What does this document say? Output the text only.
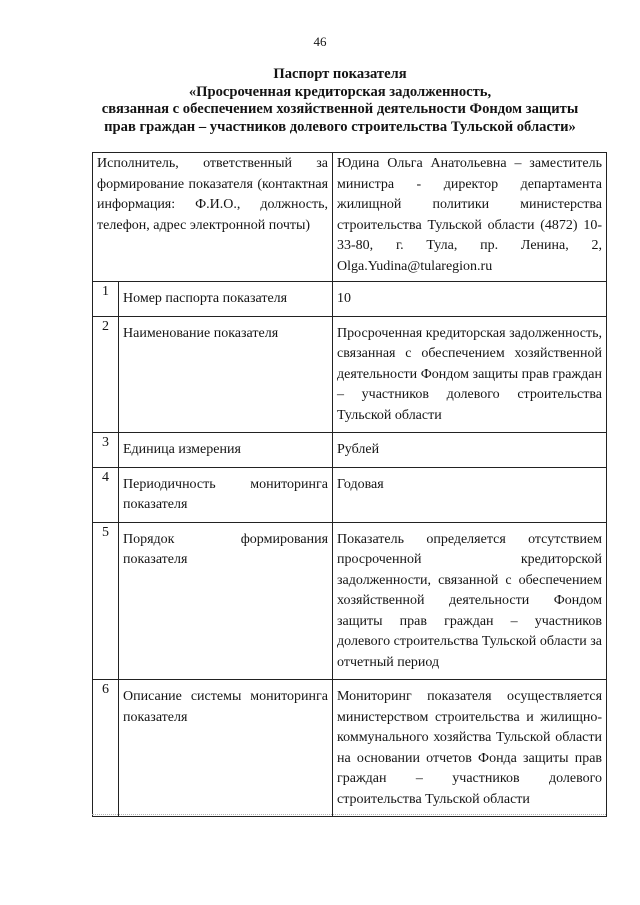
46
Паспорт показателя
«Просроченная кредиторская задолженность,
связанная с обеспечением хозяйственной деятельности Фондом защиты
прав граждан – участников долевого строительства Тульской области»
Исполнитель, ответственный за формирование показателя (контактная информация: Ф.И.О., должность, телефон, адрес электронной почты)		Юдина Ольга Анатольевна – заместитель министра - директор департамента жилищной политики министерства строительства Тульской области (4872) 10-33-80, г. Тула, пр. Ленина, 2, Olga.Yudina@tularegion.ru

1	Номер паспорта показателя	10
2	Наименование показателя	Просроченная кредиторская задолженность, связанная с обеспечением хозяйственной деятельности Фондом защиты прав граждан – участников долевого строительства Тульской области
3	Единица измерения	Рублей
4	Периодичность мониторинга показателя	Годовая
5	Порядок формирования показателя	Показатель определяется отсутствием просроченной кредиторской задолженности, связанной с обеспечением хозяйственной деятельности Фондом защиты прав граждан – участников долевого строительства Тульской области за отчетный период
6	Описание системы мониторинга показателя	Мониторинг показателя осуществляется министерством строительства и жилищно-коммунального хозяйства Тульской области на основании отчетов Фонда защиты прав граждан – участников долевого строительства Тульской области
